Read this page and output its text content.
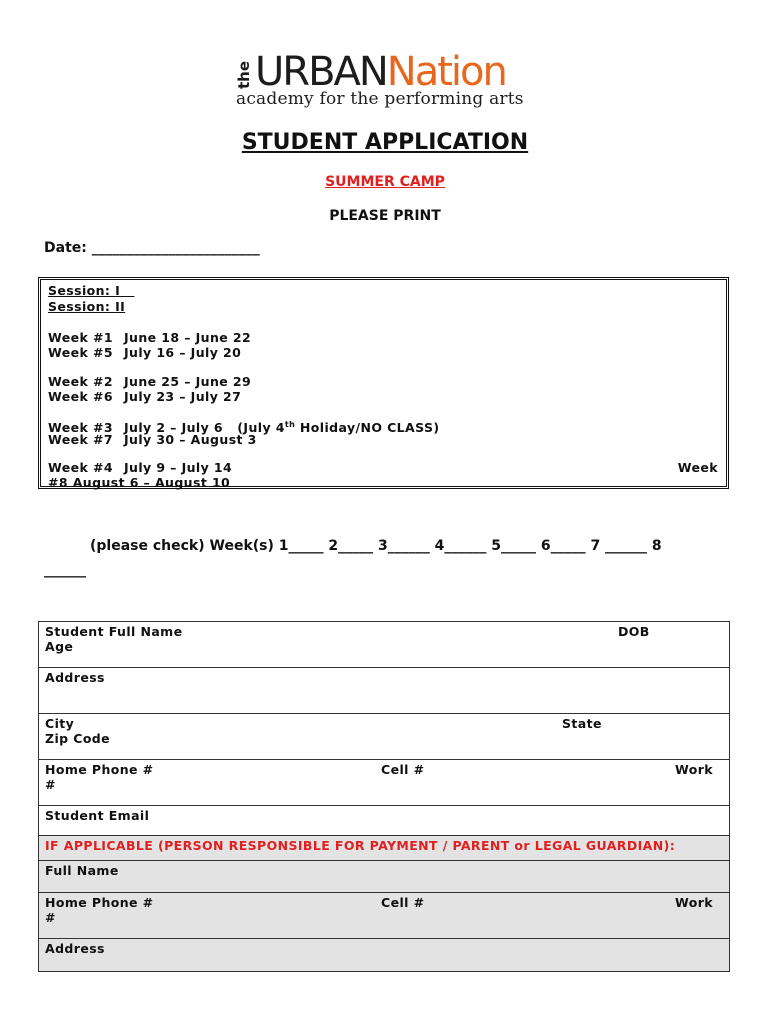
the URBANNation
academy for the performing arts
STUDENT APPLICATION
SUMMER CAMP
PLEASE PRINT
Date: ________________________
Session: I
Session: II
Week #1 June 18 – June 22
Week #5 July 16 – July 20
Week #2 June 25 – June 29
Week #6 July 23 – July 27
Week #3 July 2 – July 6 (July 4th Holiday/NO CLASS)
Week #7 July 30 – August 3
Week #4 July 9 – July 14	Week
#8 August 6 – August 10
(please check) Week(s) 1_____ 2_____ 3______ 4______ 5_____ 6_____ 7 ______ 8
______
Student Full Name	DOB
Age
Address
City	State
Zip Code
Home Phone #	Cell #	Work
#
Student Email
IF APPLICABLE (PERSON RESPONSIBLE FOR PAYMENT / PARENT or LEGAL GUARDIAN):
Full Name
Home Phone #	Cell #	Work
#
Address
